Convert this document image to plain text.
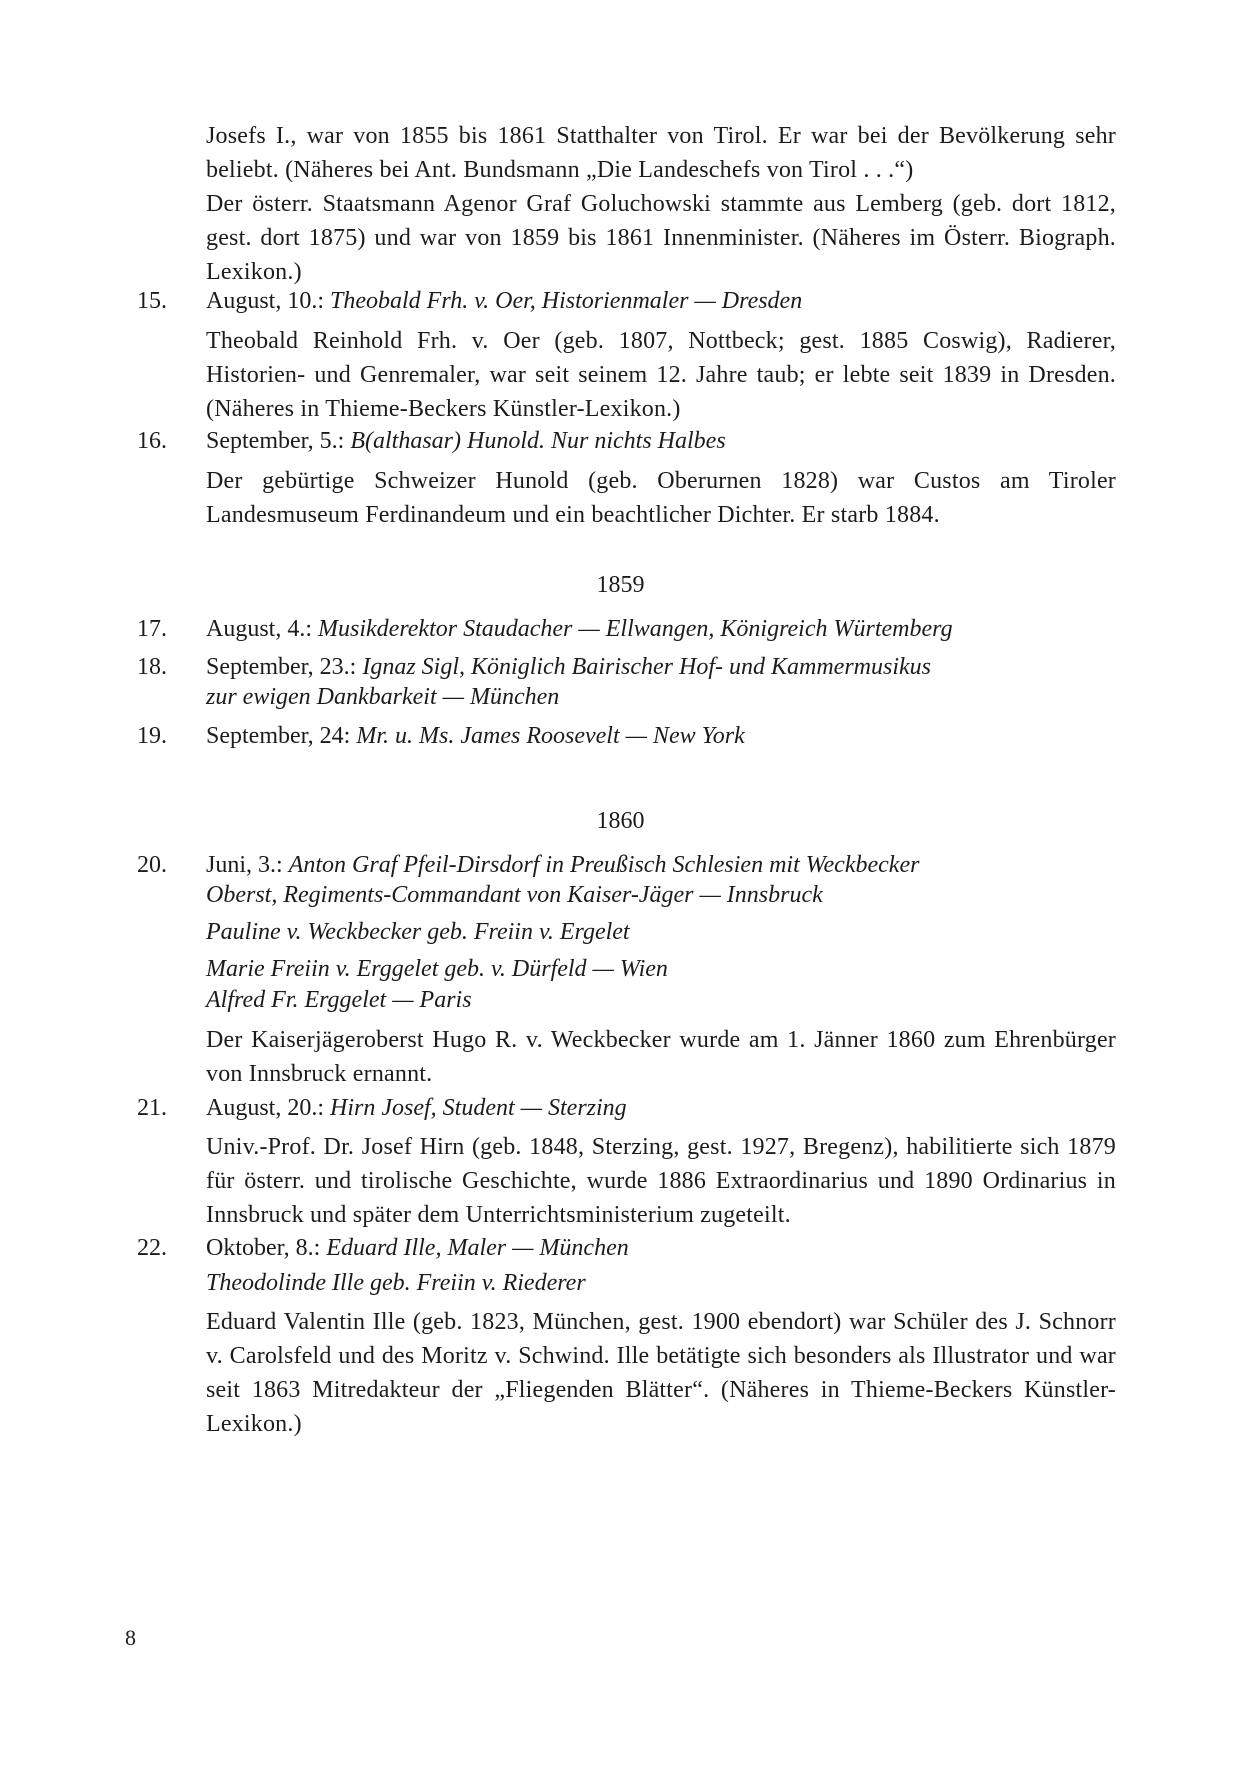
Josefs I., war von 1855 bis 1861 Statthalter von Tirol. Er war bei der Bevölkerung sehr beliebt. (Näheres bei Ant. Bundsmann „Die Landeschefs von Tirol . . .“)

Der österr. Staatsmann Agenor Graf Goluchowski stammte aus Lemberg (geb. dort 1812, gest. dort 1875) und war von 1859 bis 1861 Innenminister. (Näheres im Österr. Biograph. Lexikon.)

15. August, 10.: Theobald Frh. v. Oer, Historienmaler — Dresden

Theobald Reinhold Frh. v. Oer (geb. 1807, Nottbeck; gest. 1885 Coswig), Radierer, Historien- und Genremaler, war seit seinem 12. Jahre taub; er lebte seit 1839 in Dresden. (Näheres in Thieme-Beckers Künstler-Lexikon.)

16. September, 5.: B(althasar) Hunold. Nur nichts Halbes

Der gebürtige Schweizer Hunold (geb. Oberurnen 1828) war Custos am Tiroler Landesmuseum Ferdinandeum und ein beachtlicher Dichter. Er starb 1884.

1859

17. August, 4.: Musikderektor Staudacher — Ellwangen, Königreich Würtemberg

18. September, 23.: Ignaz Sigl, Königlich Bairischer Hof- und Kammermusikus

zur ewigen Dankbarkeit — München

19. September, 24: Mr. u. Ms. James Roosevelt — New York

1860

20. Juni, 3.: Anton Graf Pfeil-Dirsdorf in Preußisch Schlesien mit Weckbecker

Oberst, Regiments-Commandant von Kaiser-Jäger — Innsbruck

Pauline v. Weckbecker geb. Freiin v. Ergelet

Marie Freiin v. Erggelet geb. v. Dürfeld — Wien

Alfred Fr. Erggelet — Paris

Der Kaiserjägeroberst Hugo R. v. Weckbecker wurde am 1. Jänner 1860 zum Ehrenbürger von Innsbruck ernannt.

21. August, 20.: Hirn Josef, Student — Sterzing

Univ.-Prof. Dr. Josef Hirn (geb. 1848, Sterzing, gest. 1927, Bregenz), habilitierte sich 1879 für österr. und tirolische Geschichte, wurde 1886 Extraordinarius und 1890 Ordinarius in Innsbruck und später dem Unterrichtsministerium zugeteilt.

22. Oktober, 8.: Eduard Ille, Maler — München

Theodolinde Ille geb. Freiin v. Riederer

Eduard Valentin Ille (geb. 1823, München, gest. 1900 ebendort) war Schüler des J. Schnorr v. Carolsfeld und des Moritz v. Schwind. Ille betätigte sich besonders als Illustrator und war seit 1863 Mitredakteur der „Fliegenden Blätter“. (Näheres in Thieme-Beckers Künstler-Lexikon.)

8
